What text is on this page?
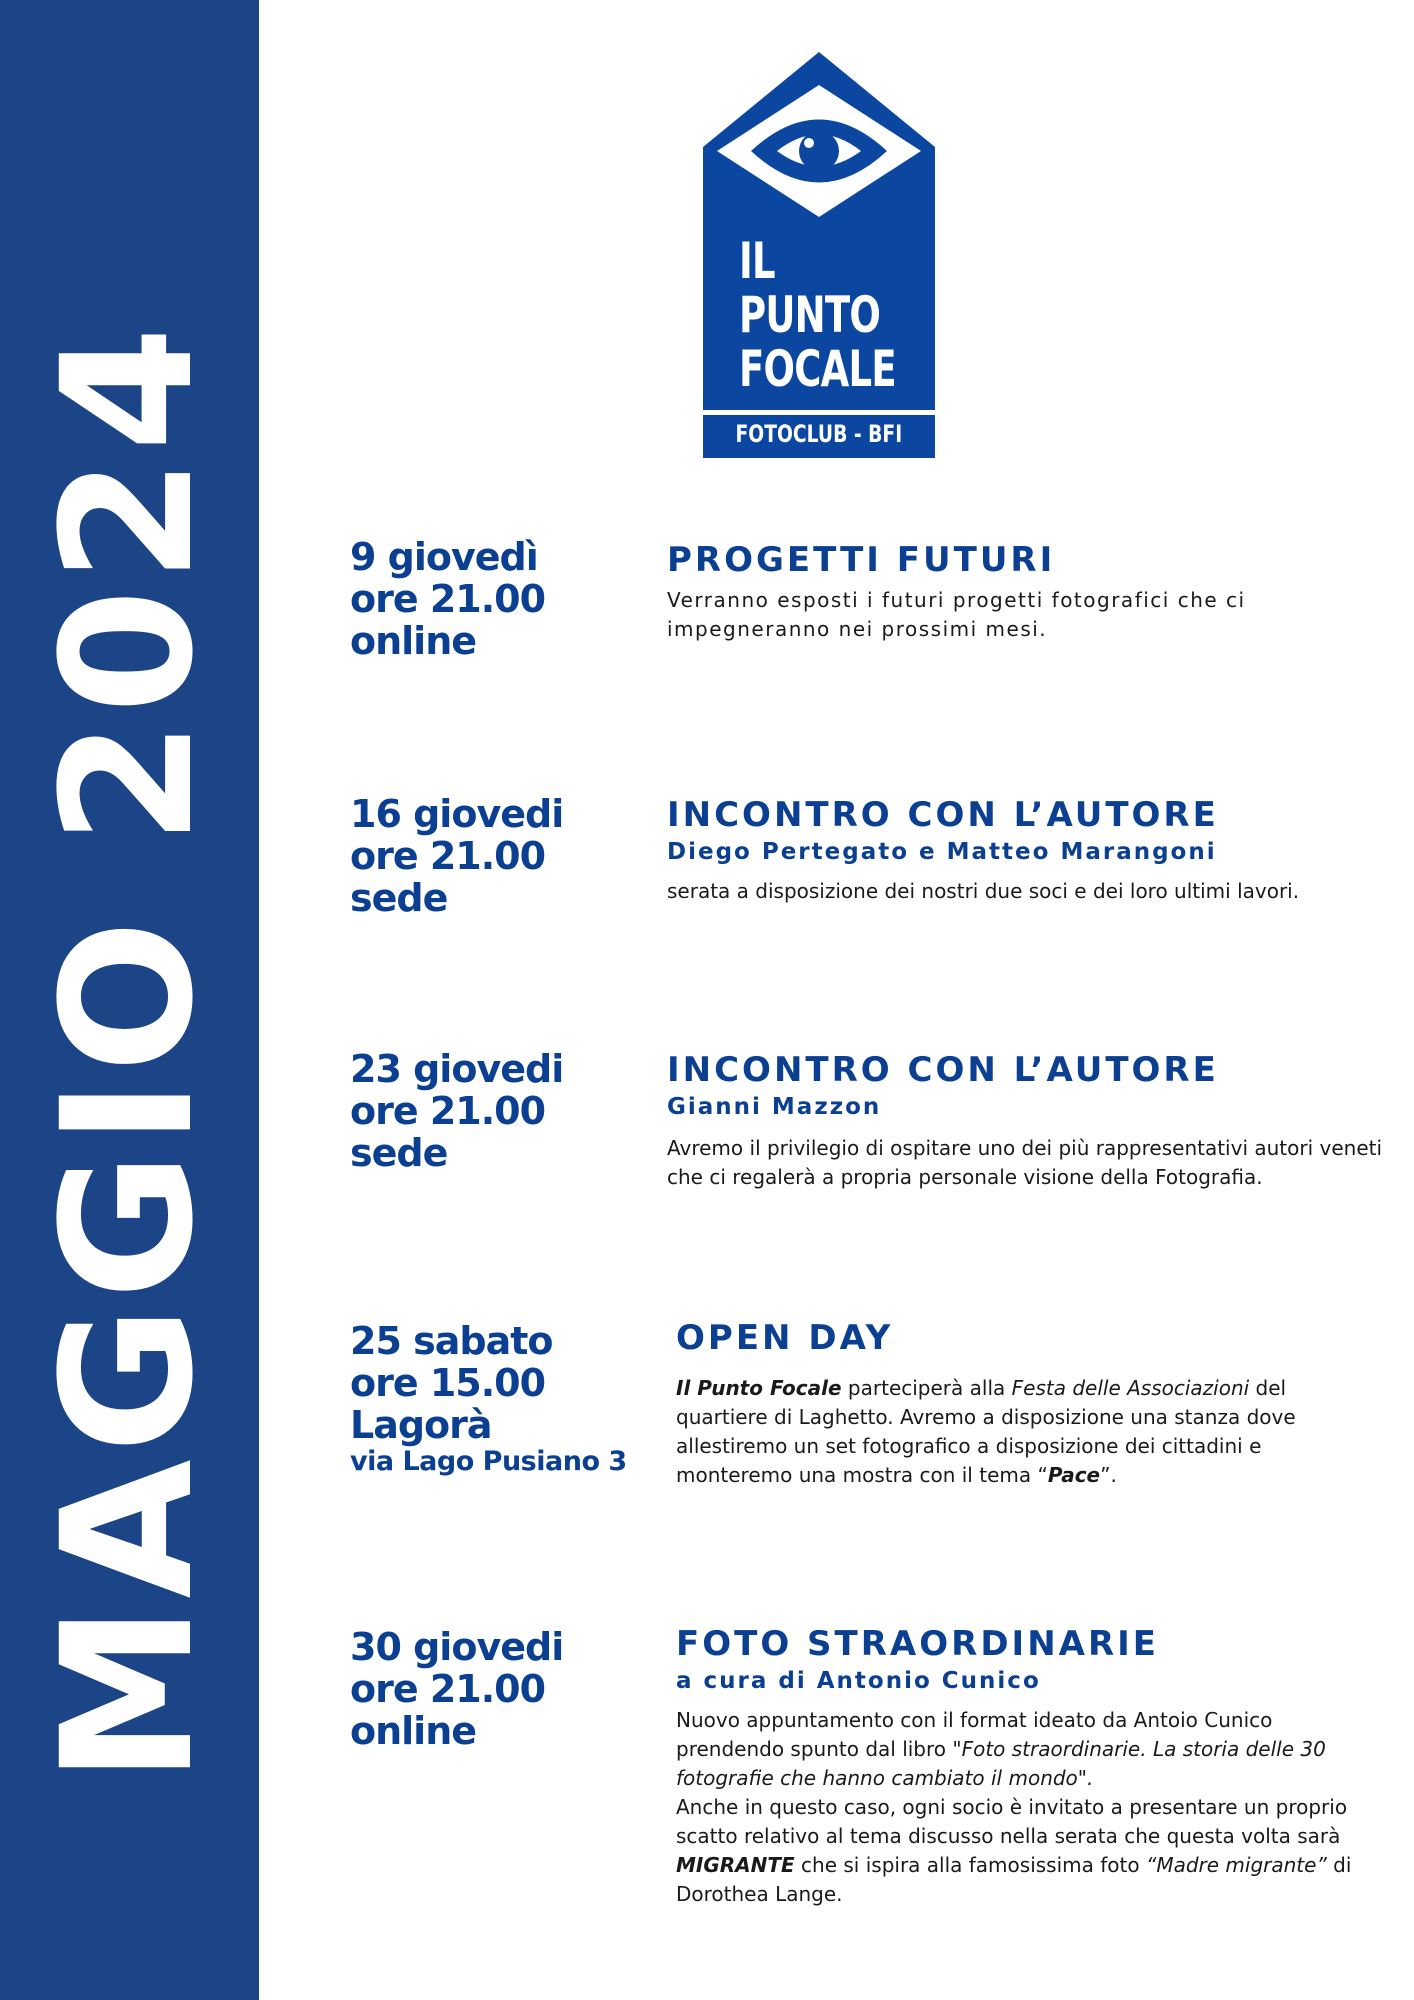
MAGGIO 2024
IL
PUNTO
FOCALE
FOTOCLUB - BFI
9 giovedì
ore 21.00
online
PROGETTI FUTURI

Verranno esposti i futuri progetti fotografici che ci impegneranno nei prossimi mesi.

16 giovedi
ore 21.00
sede
INCONTRO CON L’AUTORE
Diego Pertegato e Matteo Marangoni

serata a disposizione dei nostri due soci e dei loro ultimi lavori.

23 giovedi
ore 21.00
sede
INCONTRO CON L’AUTORE
Gianni Mazzon

Avremo il privilegio di ospitare uno dei più rappresentativi autori veneti che ci regalerà a propria personale visione della Fotografia.

25 sabato
ore 15.00
Lagorà
via Lago Pusiano 3
OPEN DAY

Il Punto Focale parteciperà alla Festa delle Associazioni del quartiere di Laghetto. Avremo a disposizione una stanza dove allestiremo un set fotografico a disposizione dei cittadini e monteremo una mostra con il tema “Pace”.

30 giovedi
ore 21.00
online
FOTO STRAORDINARIE
a cura di Antonio Cunico

Nuovo appuntamento con il format ideato da Antoio Cunico prendendo spunto dal libro "Foto straordinarie. La storia delle 30 fotografie che hanno cambiato il mondo".
Anche in questo caso, ogni socio è invitato a presentare un proprio scatto relativo al tema discusso nella serata che questa volta sarà MIGRANTE che si ispira alla famosissima foto “Madre migrante” di Dorothea Lange.
